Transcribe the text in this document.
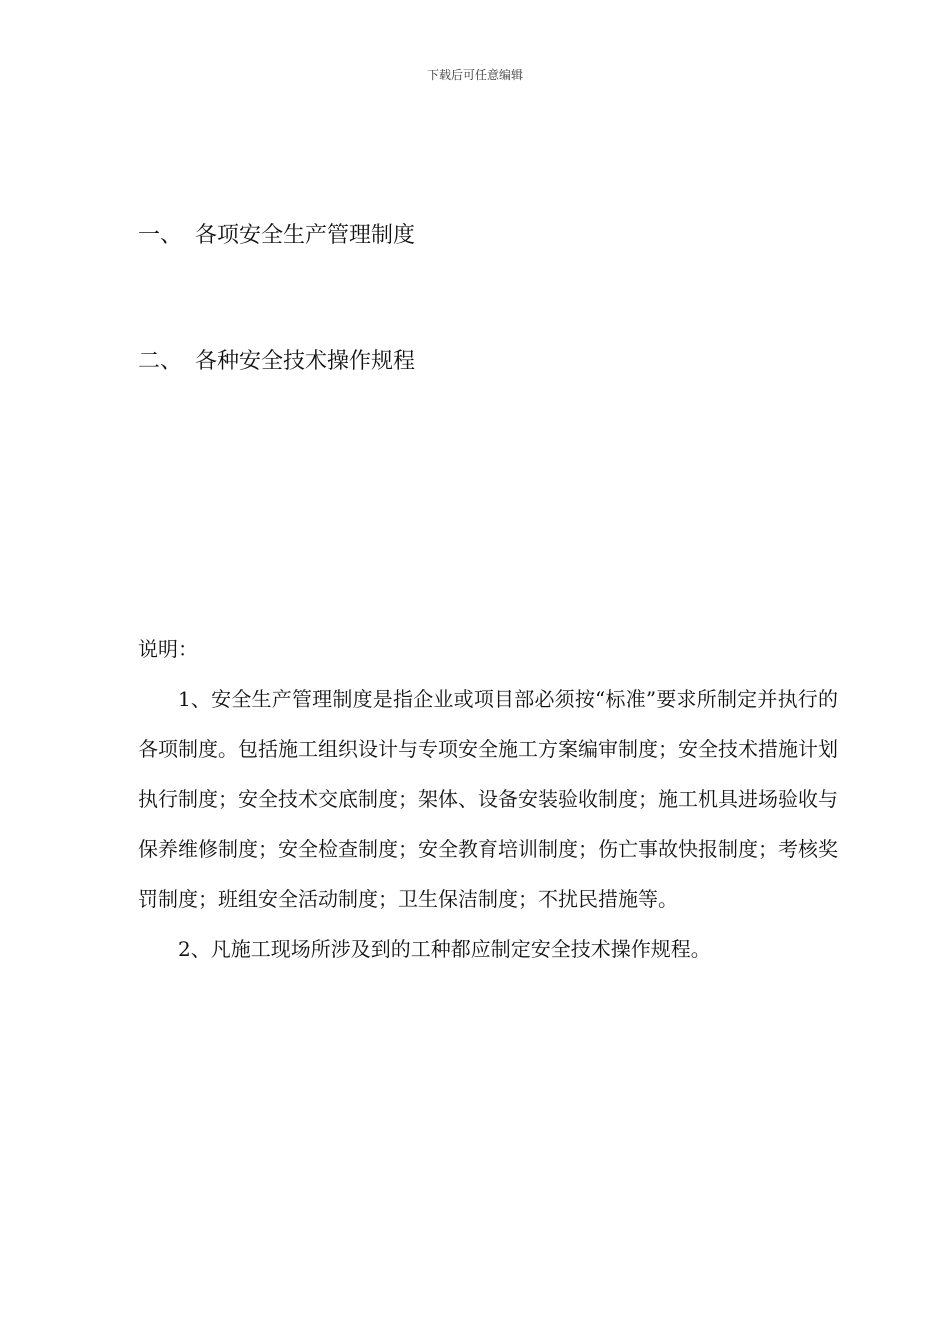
下载后可任意编辑
一、 各项安全生产管理制度
二、 各种安全技术操作规程

说明：

1、安全生产管理制度是指企业或项目部必须按“标准”要求所制定并执行的各项制度。包括施工组织设计与专项安全施工方案编审制度；安全技术措施计划执行制度；安全技术交底制度；架体、设备安装验收制度；施工机具进场验收与保养维修制度；安全检查制度；安全教育培训制度；伤亡事故快报制度；考核奖罚制度；班组安全活动制度；卫生保洁制度；不扰民措施等。

2、凡施工现场所涉及到的工种都应制定安全技术操作规程。
